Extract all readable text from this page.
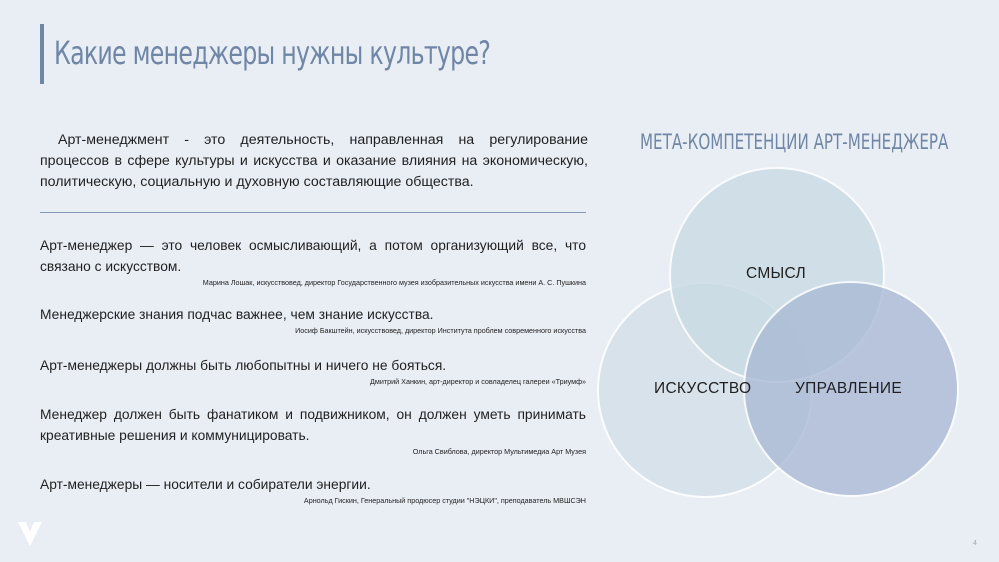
Какие менеджеры нужны культуре?
Арт-менеджмент - это деятельность, направленная на регулирование процессов в сфере культуры и искусства и оказание влияния на экономическую, политическую, социальную и духовную составляющие общества.
Арт-менеджер — это человек осмысливающий, а потом организующий все, что связано с искусством.
Марина Лошак, искусствовед, директор Государственного музея изобразительных искусства имени А. С. Пушкина
Менеджерские знания подчас важнее, чем знание искусства.
Иосиф Бакштейн, искусствовед, директор Института проблем современного искусства
Арт-менеджеры должны быть любопытны и ничего не бояться.
Дмитрий Ханкин, арт-директор и совладелец галереи «Триумф»
Менеджер должен быть фанатиком и подвижником, он должен уметь принимать креативные решения и коммуницировать.
Ольга Свиблова, директор Мультимедиа Арт Музея
Арт-менеджеры — носители и собиратели энергии.
Арнольд Гискин, Генеральный продюсер студии "НЭЦКИ", преподаватель МВШСЭН
МЕТА-КОМПЕТЕНЦИИ АРТ-МЕНЕДЖЕРА
СМЫСЛ
ИСКУССТВО	УПРАВЛЕНИЕ
4
